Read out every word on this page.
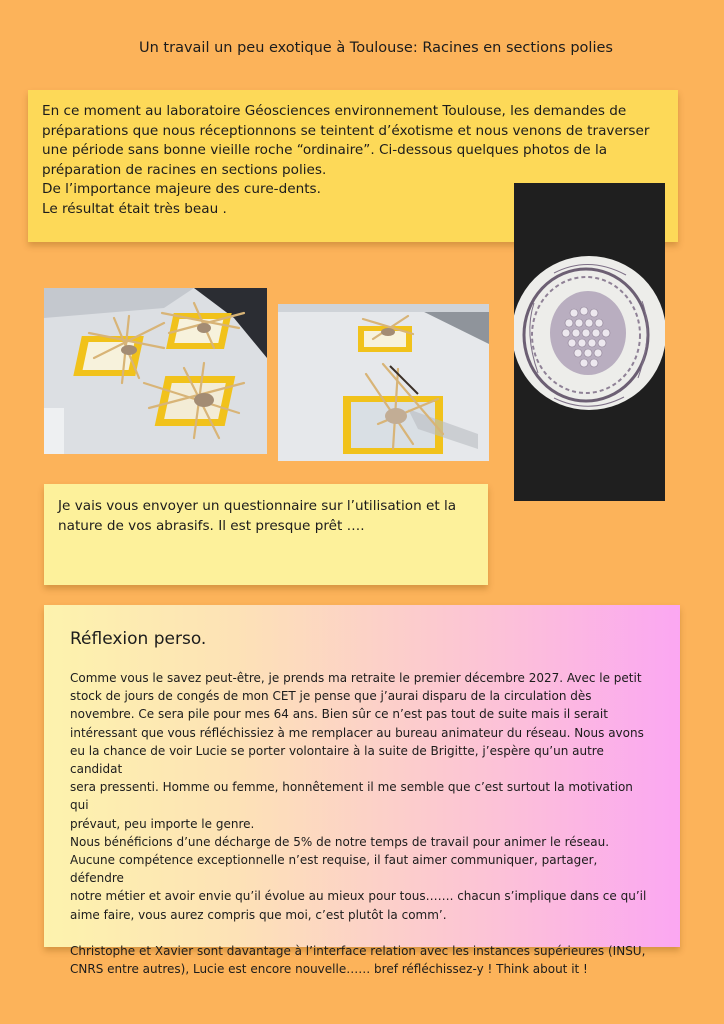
Un travail un peu exotique à Toulouse: Racines en sections polies

En ce moment au laboratoire Géosciences environnement Toulouse, les demandes de
préparations que nous réceptionnons se teintent d’éxotisme et nous venons de traverser
une période sans bonne vieille roche “ordinaire”. Ci-dessous quelques photos de la
préparation de racines en sections polies.
De l’importance majeure des cure-dents.
Le résultat était très beau .

Je vais vous envoyer un questionnaire sur l’utilisation et la
nature de vos abrasifs. Il est presque prêt ….

Réflexion perso.
Comme vous le savez peut-être, je prends ma retraite le premier décembre 2027. Avec le petit
stock de jours de congés de mon CET je pense que j’aurai disparu de la circulation dès
novembre. Ce sera pile pour mes 64 ans. Bien sûr ce n’est pas tout de suite mais il serait
intéressant que vous réfléchissiez à me remplacer au bureau animateur du réseau. Nous avons
eu la chance de voir Lucie se porter volontaire à la suite de Brigitte, j’espère qu’un autre candidat
sera pressenti. Homme ou femme, honnêtement il me semble que c’est surtout la motivation qui
prévaut, peu importe le genre.
Nous bénéficions d’une décharge de 5% de notre temps de travail pour animer le réseau.
Aucune compétence exceptionnelle n’est requise, il faut aimer communiquer, partager, défendre
notre métier et avoir envie qu’il évolue au mieux pour tous……. chacun s’implique dans ce qu’il
aime faire, vous aurez compris que moi, c’est plutôt la comm’.

Christophe et Xavier sont davantage à l’interface relation avec les instances supérieures (INSU,
CNRS entre autres), Lucie est encore nouvelle…… bref réfléchissez-y ! Think about it !
